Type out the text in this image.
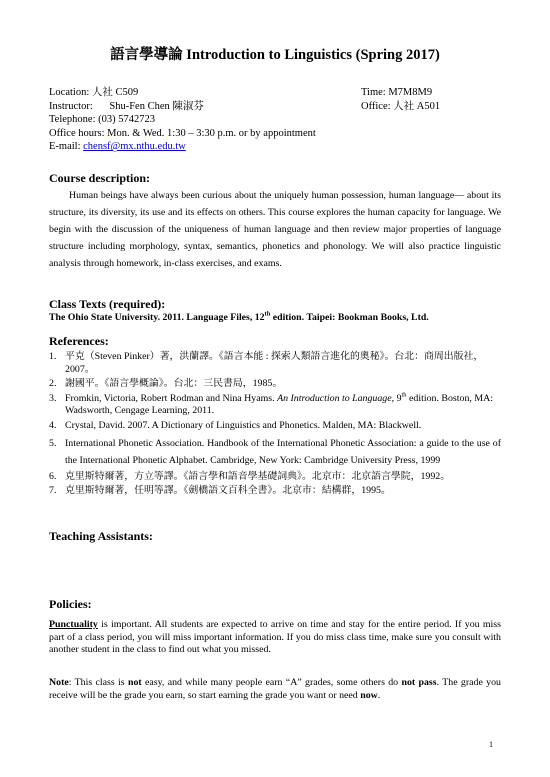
語言學導論 Introduction to Linguistics (Spring 2017)
Location: 人社 C509	Time: M7M8M9
Instructor: Shu-Fen Chen 陳淑芬	Office: 人社 A501
Telephone: (03) 5742723
Office hours: Mon. & Wed. 1:30 – 3:30 p.m. or by appointment
E-mail: chensf@mx.nthu.edu.tw
Course description:

Human beings have always been curious about the uniquely human possession, human language— about its structure, its diversity, its use and its effects on others. This course explores the human capacity for language. We begin with the discussion of the uniqueness of human language and then review major properties of language structure including morphology, syntax, semantics, phonetics and phonology. We will also practice linguistic analysis through homework, in-class exercises, and exams.

Class Texts (required):
The Ohio State University. 2011. Language Files, 12th edition. Taipei: Bookman Books, Ltd.
References:
1. 平克（Steven Pinker）著，洪蘭譯。《語言本能 : 探索人類語言進化的奧秘》。台北：商周出版社，2007。
2. 謝國平。《語言學概論》。台北：三民書局，1985。
3. Fromkin, Victoria, Robert Rodman and Nina Hyams. An Introduction to Language, 9th edition. Boston, MA: Wadsworth, Cengage Learning, 2011.
4. Crystal, David. 2007. A Dictionary of Linguistics and Phonetics. Malden, MA: Blackwell.
5. International Phonetic Association. Handbook of the International Phonetic Association: a guide to the use of the International Phonetic Alphabet. Cambridge, New York: Cambridge University Press, 1999
6. 克里斯特爾著，方立等譯。《語言學和語音學基礎詞典》。北京市：北京語言學院，1992。
7. 克里斯特爾著，任明等譯。《劍橋語文百科全書》。北京市：結構群，1995。
Teaching Assistants:
Policies:

Punctuality is important. All students are expected to arrive on time and stay for the entire period. If you miss part of a class period, you will miss important information. If you do miss class time, make sure you consult with another student in the class to find out what you missed.

Note: This class is not easy, and while many people earn “A” grades, some others do not pass. The grade you receive will be the grade you earn, so start earning the grade you want or need now.

1
